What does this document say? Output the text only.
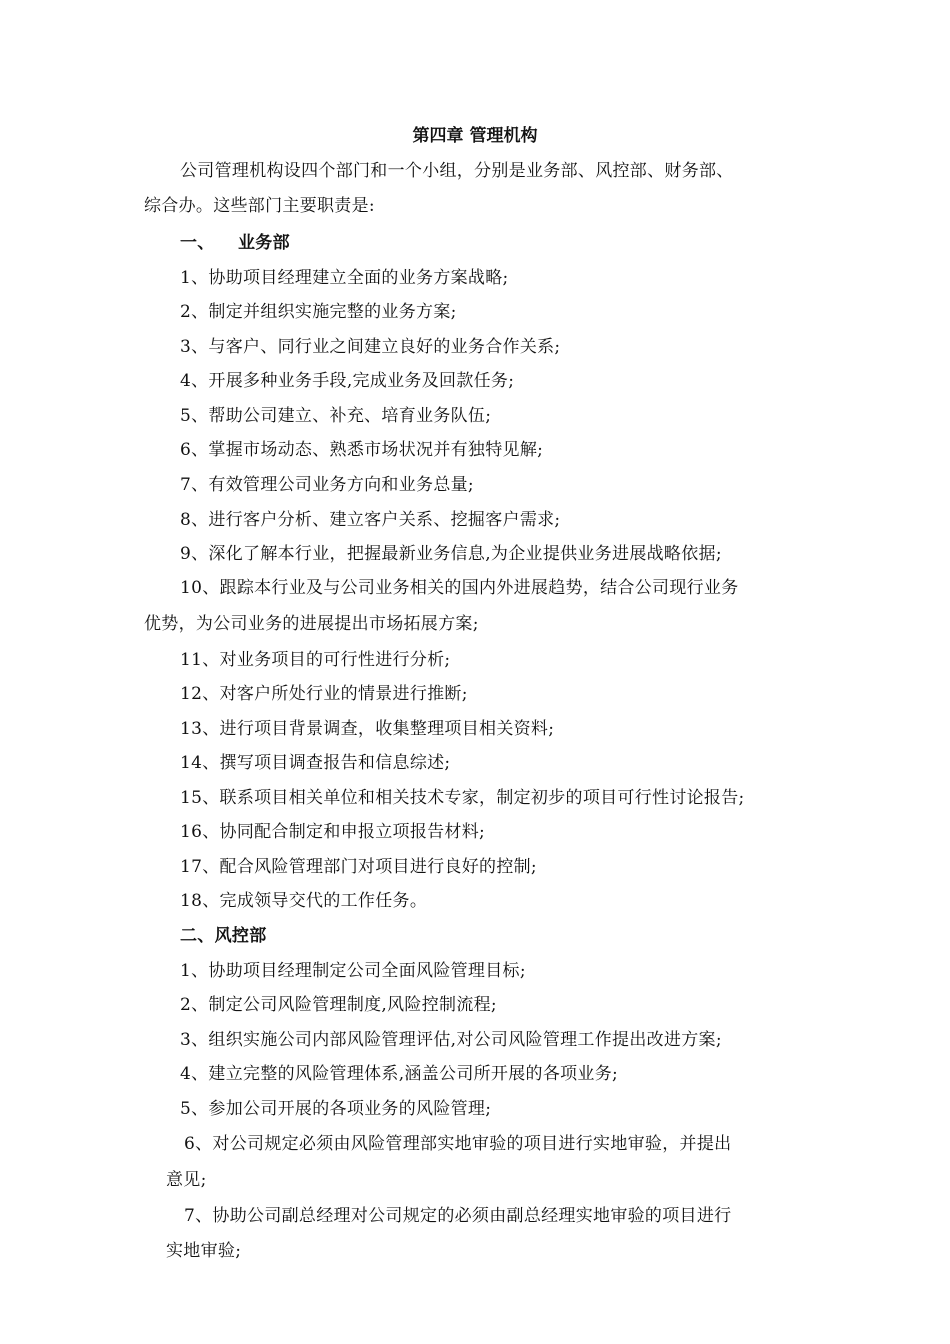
第四章 管理机构
公司管理机构设四个部门和一个小组，分别是业务部、风控部、财务部、
综合办。这些部门主要职责是:
一、 业务部
1、协助项目经理建立全面的业务方案战略;
2、制定并组织实施完整的业务方案;
3、与客户、同行业之间建立良好的业务合作关系;
4、开展多种业务手段,完成业务及回款任务;
5、帮助公司建立、补充、培育业务队伍;
6、掌握市场动态、熟悉市场状况并有独特见解;
7、有效管理公司业务方向和业务总量;
8、进行客户分析、建立客户关系、挖掘客户需求;
9、深化了解本行业，把握最新业务信息,为企业提供业务进展战略依据;
10、跟踪本行业及与公司业务相关的国内外进展趋势，结合公司现行业务
优势，为公司业务的进展提出市场拓展方案;
11、对业务项目的可行性进行分析;
12、对客户所处行业的情景进行推断;
13、进行项目背景调查，收集整理项目相关资料;
14、撰写项目调查报告和信息综述;
15、联系项目相关单位和相关技术专家，制定初步的项目可行性讨论报告;
16、协同配合制定和申报立项报告材料;
17、配合风险管理部门对项目进行良好的控制;
18、完成领导交代的工作任务。
二、风控部
1、协助项目经理制定公司全面风险管理目标;
2、制定公司风险管理制度,风险控制流程;
3、组织实施公司内部风险管理评估,对公司风险管理工作提出改进方案;
4、建立完整的风险管理体系,涵盖公司所开展的各项业务;
5、参加公司开展的各项业务的风险管理;
6、对公司规定必须由风险管理部实地审验的项目进行实地审验，并提出
意见;
7、协助公司副总经理对公司规定的必须由副总经理实地审验的项目进行
实地审验;
